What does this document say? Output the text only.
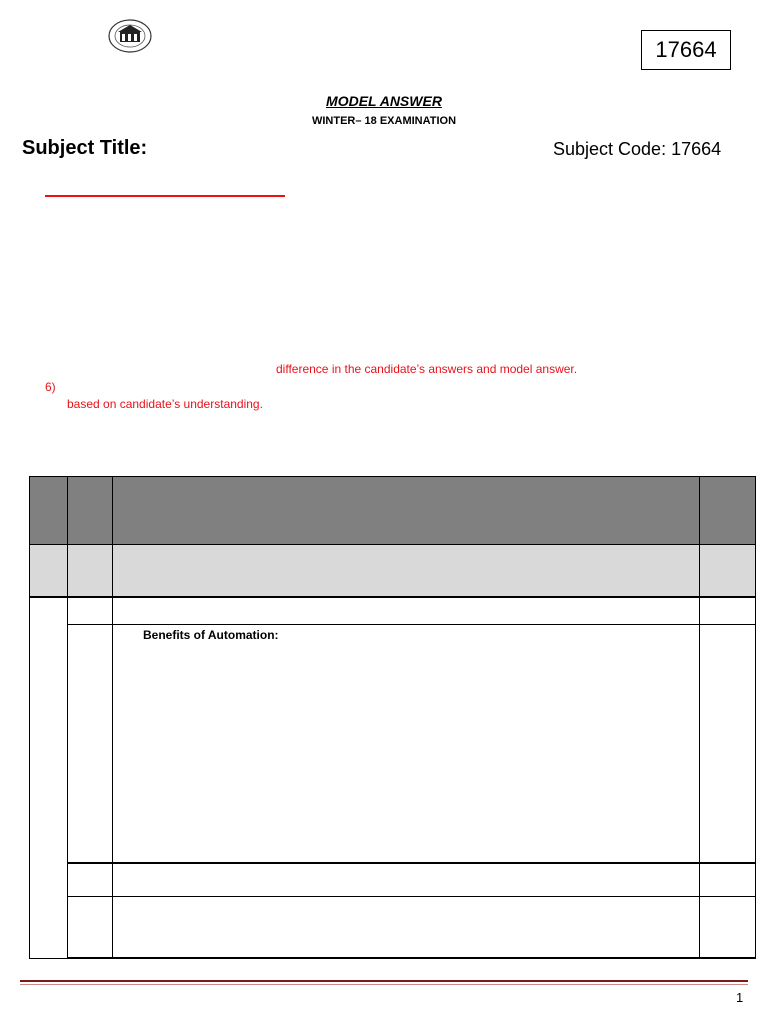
17664
MODEL ANSWER
WINTER– 18 EXAMINATION
Subject Title:	Subject Code: 17664
difference in the candidate’s answers and model answer.
6)
based on candidate’s understanding.
Benefits of Automation:
1
